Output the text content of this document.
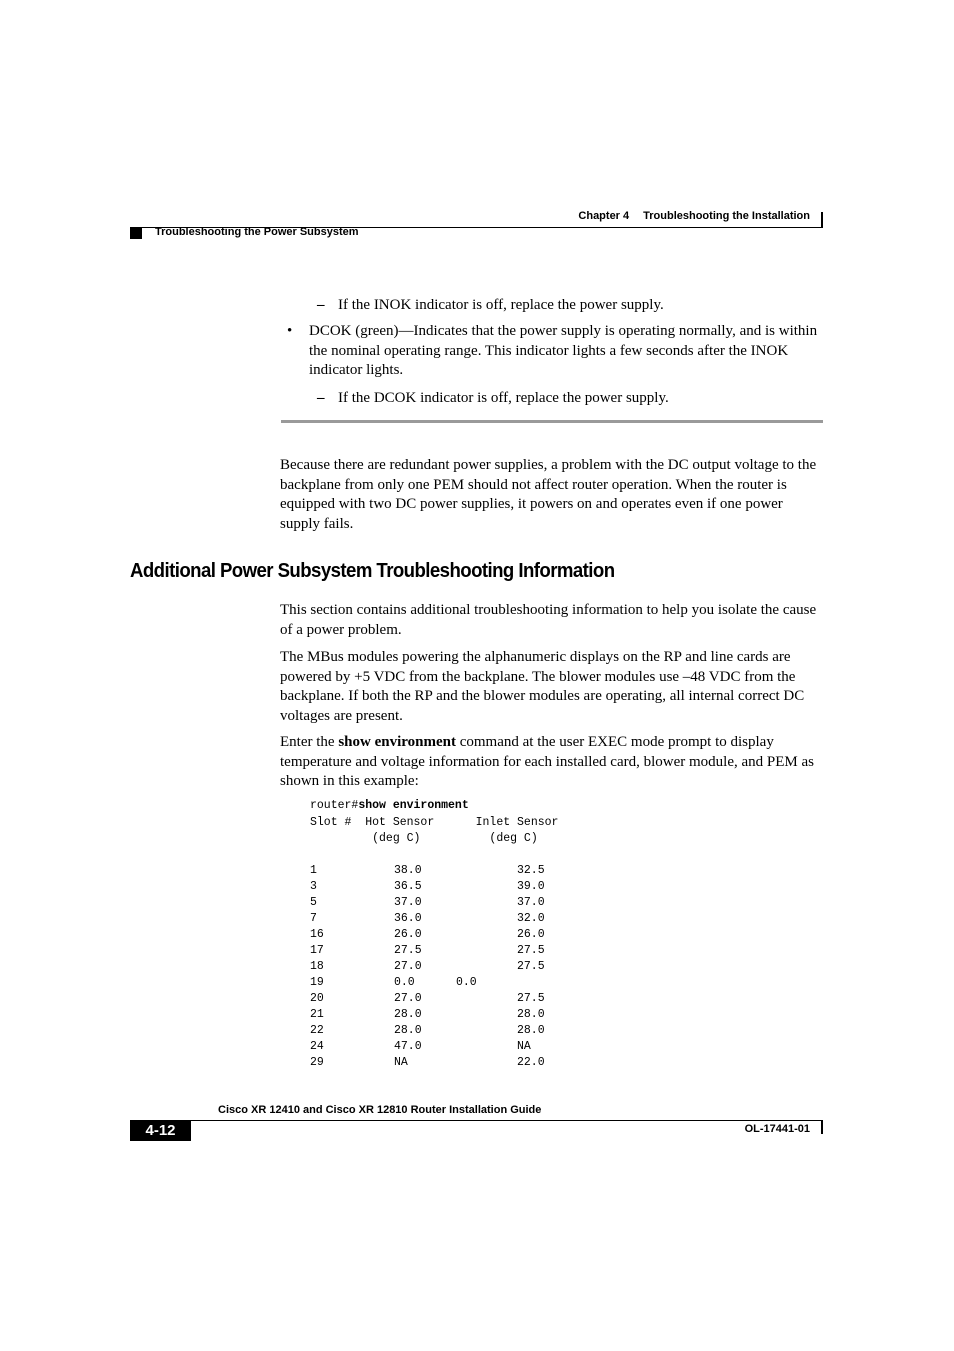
Chapter 4 Troubleshooting the Installation
Troubleshooting the Power Subsystem
– If the INOK indicator is off, replace the power supply.
• DCOK (green)—Indicates that the power supply is operating normally, and is within the nominal operating range. This indicator lights a few seconds after the INOK indicator lights.
– If the DCOK indicator is off, replace the power supply.
Because there are redundant power supplies, a problem with the DC output voltage to the backplane from only one PEM should not affect router operation. When the router is equipped with two DC power supplies, it powers on and operates even if one power supply fails.
Additional Power Subsystem Troubleshooting Information
This section contains additional troubleshooting information to help you isolate the cause of a power problem.
The MBus modules powering the alphanumeric displays on the RP and line cards are powered by +5 VDC from the backplane. The blower modules use –48 VDC from the backplane. If both the RP and the blower modules are operating, all internal correct DC voltages are present.
Enter the show environment command at the user EXEC mode prompt to display temperature and voltage information for each installed card, blower module, and PEM as shown in this example:
router#show environment
Slot #  Hot Sensor      Inlet Sensor
(deg C)          (deg C)
1	38.0	32.5
3	36.5	39.0
5	37.0	37.0
7	36.0	32.0
16	26.0	26.0
17	27.5	27.5
18	27.0	27.5
19	0.0	0.0
20	27.0	27.5
21	28.0	28.0
22	28.0	28.0
24	47.0	NA
29	NA	22.0
Cisco XR 12410 and Cisco XR 12810 Router Installation Guide
4-12	OL-17441-01
